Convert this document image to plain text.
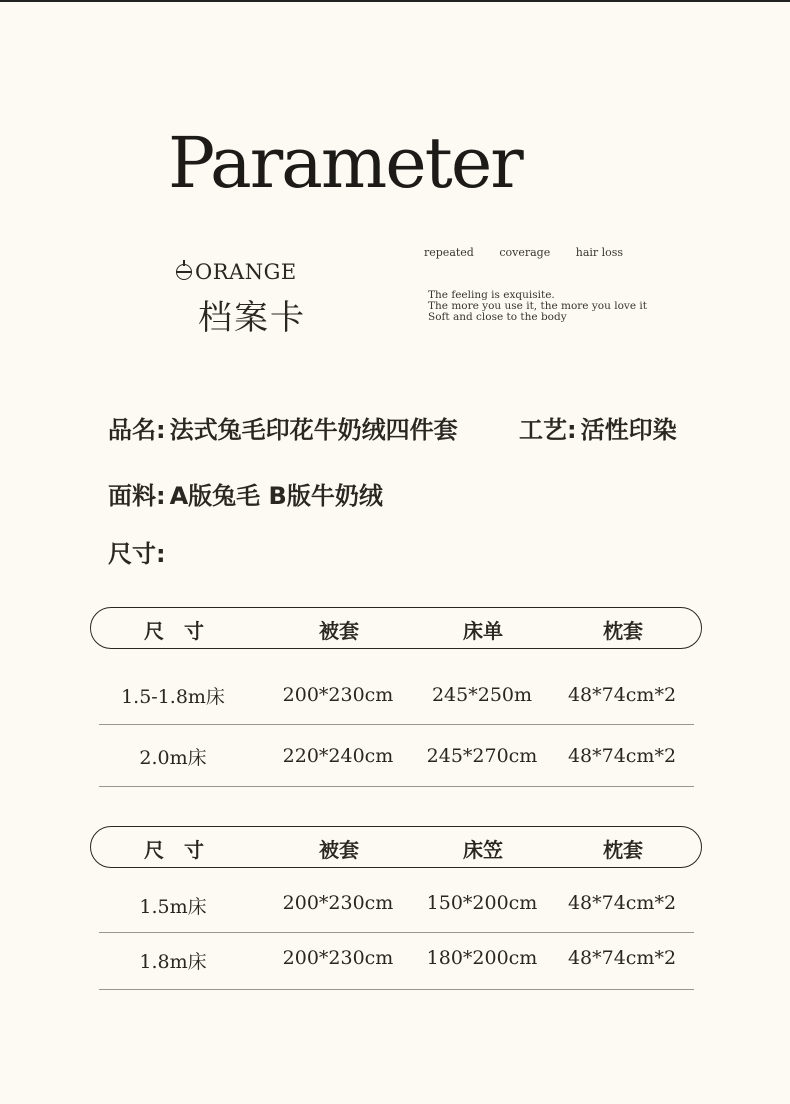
Parameter
ORANGE
档案卡
repeated coverage hair loss
The feeling is exquisite.
The more you use it, the more you love it
Soft and close to the body
品名: 法式兔毛印花牛奶绒四件套	工艺: 活性印染
面料: A版兔毛 B版牛奶绒
尺寸:
尺　寸	被套	床单	枕套
1.5-1.8m床	200*230cm	245*250m	48*74cm*2
2.0m床	220*240cm	245*270cm	48*74cm*2
尺　寸	被套	床笠	枕套
1.5m床	200*230cm	150*200cm	48*74cm*2
1.8m床	200*230cm	180*200cm	48*74cm*2
